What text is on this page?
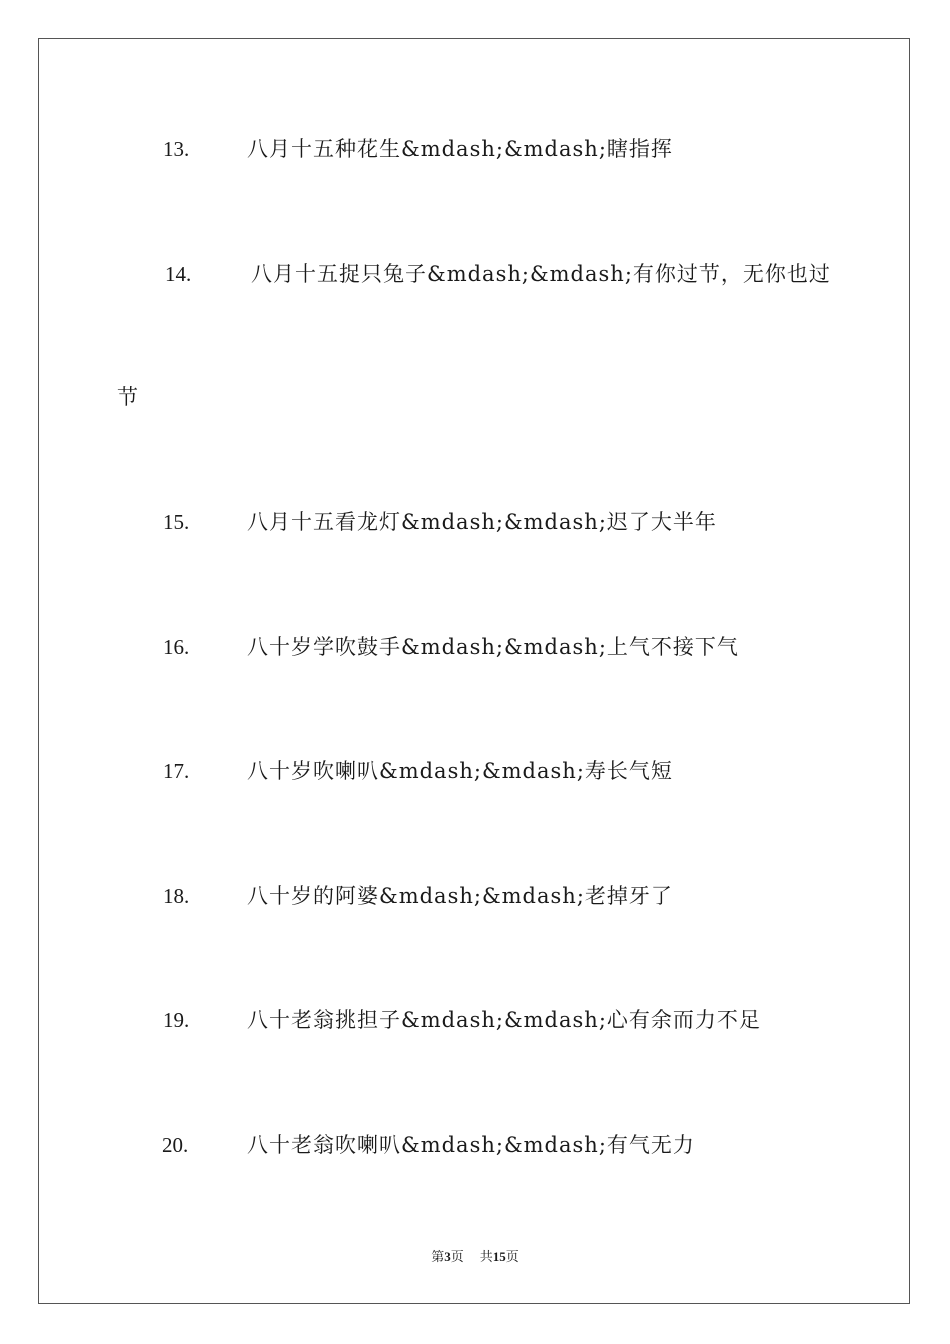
13.	八月十五种花生&mdash;&mdash;瞎指挥
14.	八月十五捉只兔子&mdash;&mdash;有你过节，无你也过
节
15.	八月十五看龙灯&mdash;&mdash;迟了大半年
16.	八十岁学吹鼓手&mdash;&mdash;上气不接下气
17.	八十岁吹喇叭&mdash;&mdash;寿长气短
18.	八十岁的阿婆&mdash;&mdash;老掉牙了
19.	八十老翁挑担子&mdash;&mdash;心有余而力不足
20.	八十老翁吹喇叭&mdash;&mdash;有气无力
第3页 共15页
